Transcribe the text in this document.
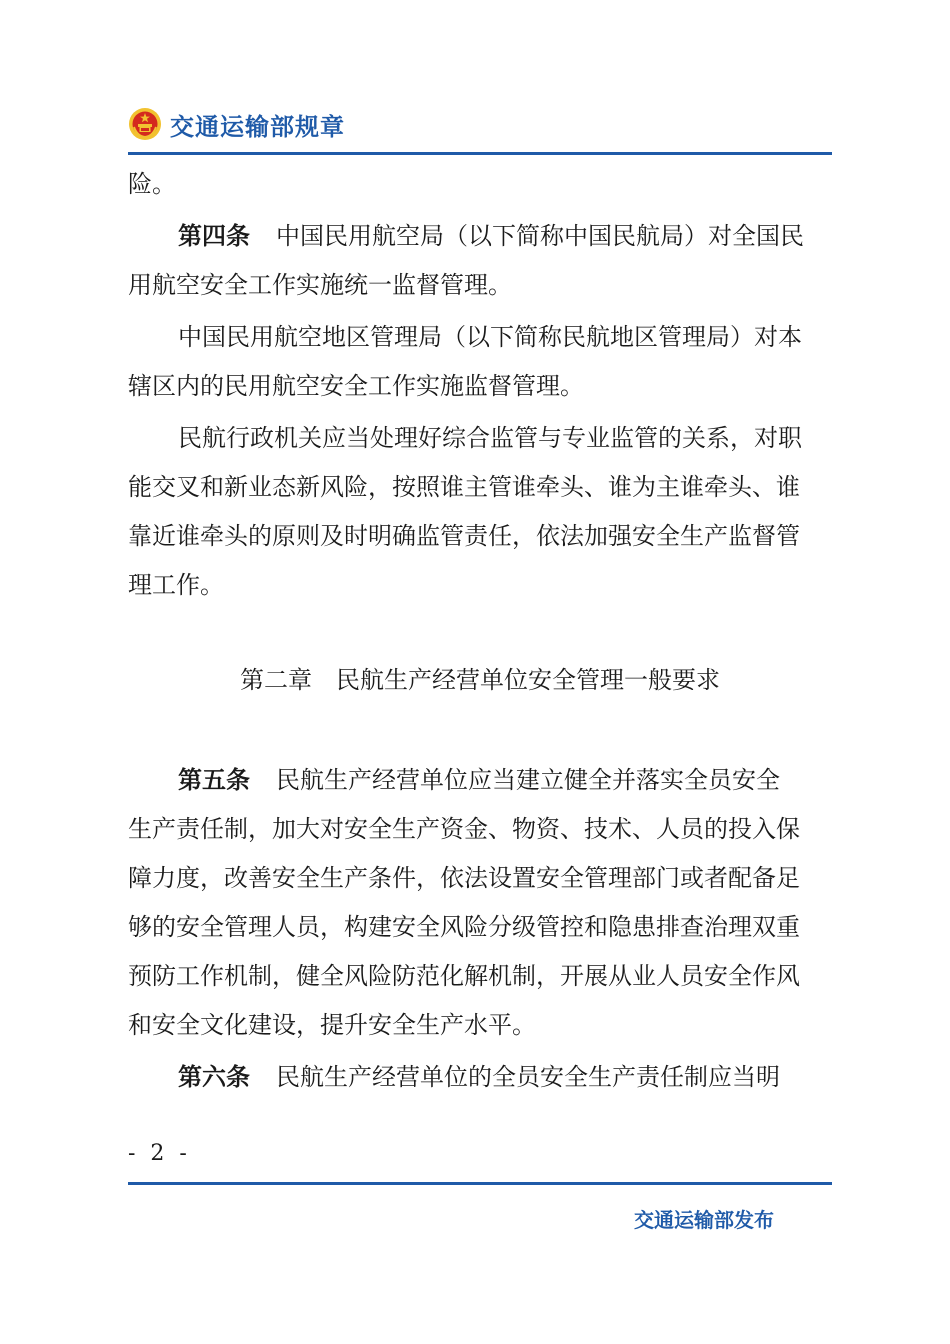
交通运输部规章
险。
第四条 中国民用航空局（以下简称中国民航局）对全国民
用航空安全工作实施统一监督管理。
中国民用航空地区管理局（以下简称民航地区管理局）对本
辖区内的民用航空安全工作实施监督管理。
民航行政机关应当处理好综合监管与专业监管的关系，对职
能交叉和新业态新风险，按照谁主管谁牵头、谁为主谁牵头、谁
靠近谁牵头的原则及时明确监管责任，依法加强安全生产监督管
理工作。
第二章　民航生产经营单位安全管理一般要求
第五条 民航生产经营单位应当建立健全并落实全员安全
生产责任制，加大对安全生产资金、物资、技术、人员的投入保
障力度，改善安全生产条件，依法设置安全管理部门或者配备足
够的安全管理人员，构建安全风险分级管控和隐患排查治理双重
预防工作机制，健全风险防范化解机制，开展从业人员安全作风
和安全文化建设，提升安全生产水平。
第六条 民航生产经营单位的全员安全生产责任制应当明
- 2 -
交通运输部发布
